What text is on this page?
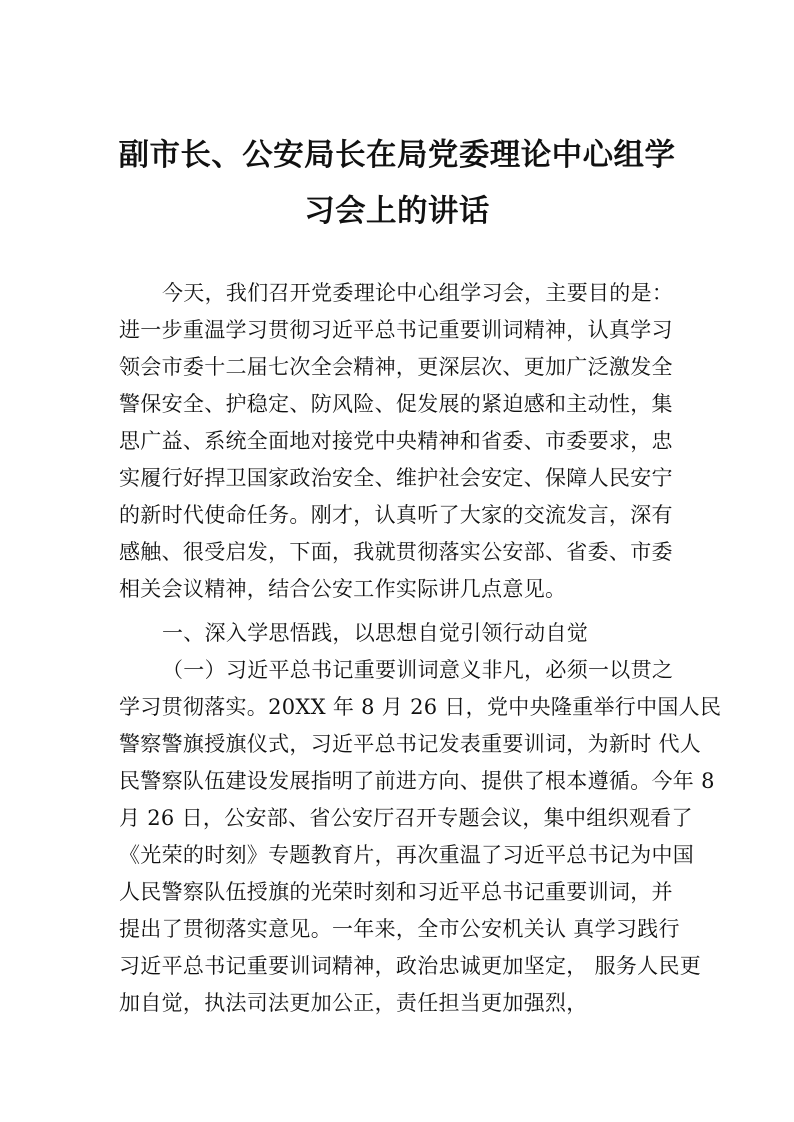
副市长、公安局长在局党委理论中心组学
习会上的讲话
今天，我们召开党委理论中心组学习会，主要目的是：
进一步重温学习贯彻习近平总书记重要训词精神，认真学习
领会市委十二届七次全会精神，更深层次、更加广泛激发全
警保安全、护稳定、防风险、促发展的紧迫感和主动性，集
思广益、系统全面地对接党中央精神和省委、市委要求，忠
实履行好捍卫国家政治安全、维护社会安定、保障人民安宁
的新时代使命任务。刚才，认真听了大家的交流发言，深有
感触、很受启发，下面，我就贯彻落实公安部、省委、市委
相关会议精神，结合公安工作实际讲几点意见。
一、深入学思悟践，以思想自觉引领行动自觉
（一）习近平总书记重要训词意义非凡，必须一以贯之
学习贯彻落实。20XX 年 8 月 26 日，党中央隆重举行中国人民
警察警旗授旗仪式，习近平总书记发表重要训词，为新时 代人
民警察队伍建设发展指明了前进方向、提供了根本遵循。今年 8
月 26 日，公安部、省公安厅召开专题会议，集中组织观看了
《光荣的时刻》专题教育片，再次重温了习近平总书记为中国
人民警察队伍授旗的光荣时刻和习近平总书记重要训词，并
提出了贯彻落实意见。一年来，全市公安机关认 真学习践行
习近平总书记重要训词精神，政治忠诚更加坚定， 服务人民更
加自觉，执法司法更加公正，责任担当更加强烈，
